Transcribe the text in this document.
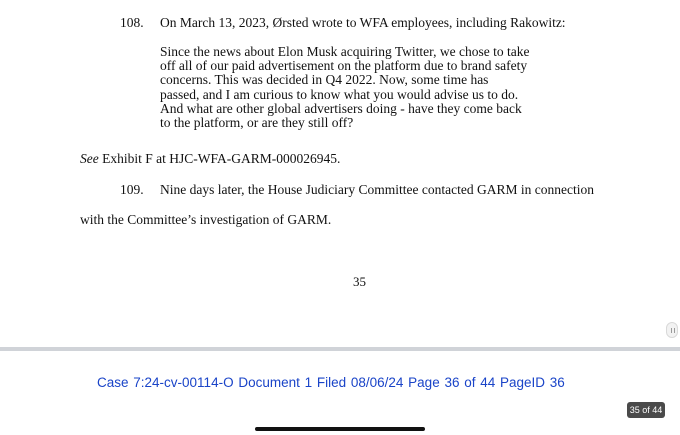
108. On March 13, 2023, Ørsted wrote to WFA employees, including Rakowitz:
Since the news about Elon Musk acquiring Twitter, we chose to take
off all of our paid advertisement on the platform due to brand safety
concerns. This was decided in Q4 2022. Now, some time has
passed, and I am curious to know what you would advise us to do.
And what are other global advertisers doing - have they come back
to the platform, or are they still off?
See Exhibit F at HJC-WFA-GARM-000026945.
109. Nine days later, the House Judiciary Committee contacted GARM in connection
with the Committee’s investigation of GARM.
35
Case 7:24-cv-00114-O Document 1 Filed 08/06/24 Page 36 of 44 PageID 36
35 of 44
